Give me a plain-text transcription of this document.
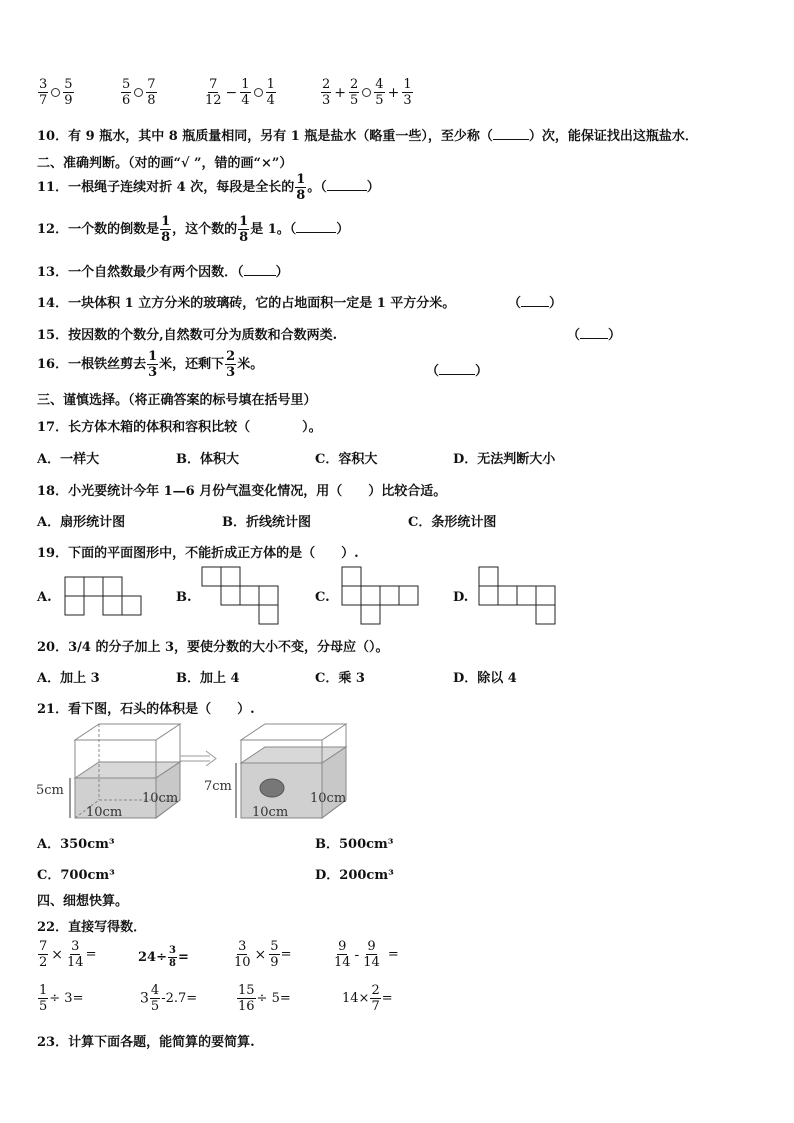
$\frac{3}{7} \frac{5}{9}$	$\frac{5}{6} \frac{7}{8}$	$\frac{7}{12} - \frac{1}{4} \frac{1}{4}$	$\frac{2}{3} + \frac{2}{5} \frac{4}{5} + \frac{1}{3}$
10．有 9 瓶水，其中 8 瓶质量相同，另有 1 瓶是盐水（略重一些），至少称（	）次，能保证找出这瓶盐水．
二、准确判断。（对的画“√ ”，错的画“×”）
11．一根绳子连续对折 4 次，每段是全长的 $\frac{1}{8}$ 。（	）
12．一个数的倒数是 $\frac{1}{8}$ ，这个数的 $\frac{1}{8}$ 是 1。（	）
13．一个自然数最少有两个因数．（ ）
14．一块体积 1 立方分米的玻璃砖，它的占地面积一定是 1 平方分米。	（ ）
15．按因数的个数分,自然数可分为质数和合数两类.	（ ）
16．一根铁丝剪去 $\frac{1}{3}$ 米，还剩下 $\frac{2}{3}$ 米。	（	）
三、谨慎选择。（将正确答案的标号填在括号里）
17．长方体木箱的体积和容积比较（　　　　）。
A．一样大	B．体积大	C．容积大	D．无法判断大小
18．小光要统计今年 1—6 月份气温变化情况，用（　　）比较合适。
A．扇形统计图	B．折线统计图	C．条形统计图
19．下面的平面图形中，不能折成正方体的是（　　）.
A.	B.	C.	D.
20．3/4 的分子加上 3，要使分数的大小不变，分母应（）。
A．加上 3	B．加上 4	C．乘 3	D．除以 4
21．看下图，石头的体积是（　　）.
5cm
10cm
7cm
10cm
10cm	10cm
A．350cm³	B．500cm³
C．700cm³	D．200cm³
四、细想快算。
22．直接写得数．
$\frac{7}{2} \times \frac{3}{14}$ =	$24\div \frac{3}{8}$ =	$\frac{3}{10} \times \frac{5}{9}$ =	$\frac{9}{14} - \frac{9}{14}$ =
$\frac{1}{5} \div 3=$	$3 \frac{4}{5} -2.7=$	$\frac{15}{16} \div 5=$	$14\times \frac{2}{7}$ =
23．计算下面各题，能简算的要简算.
